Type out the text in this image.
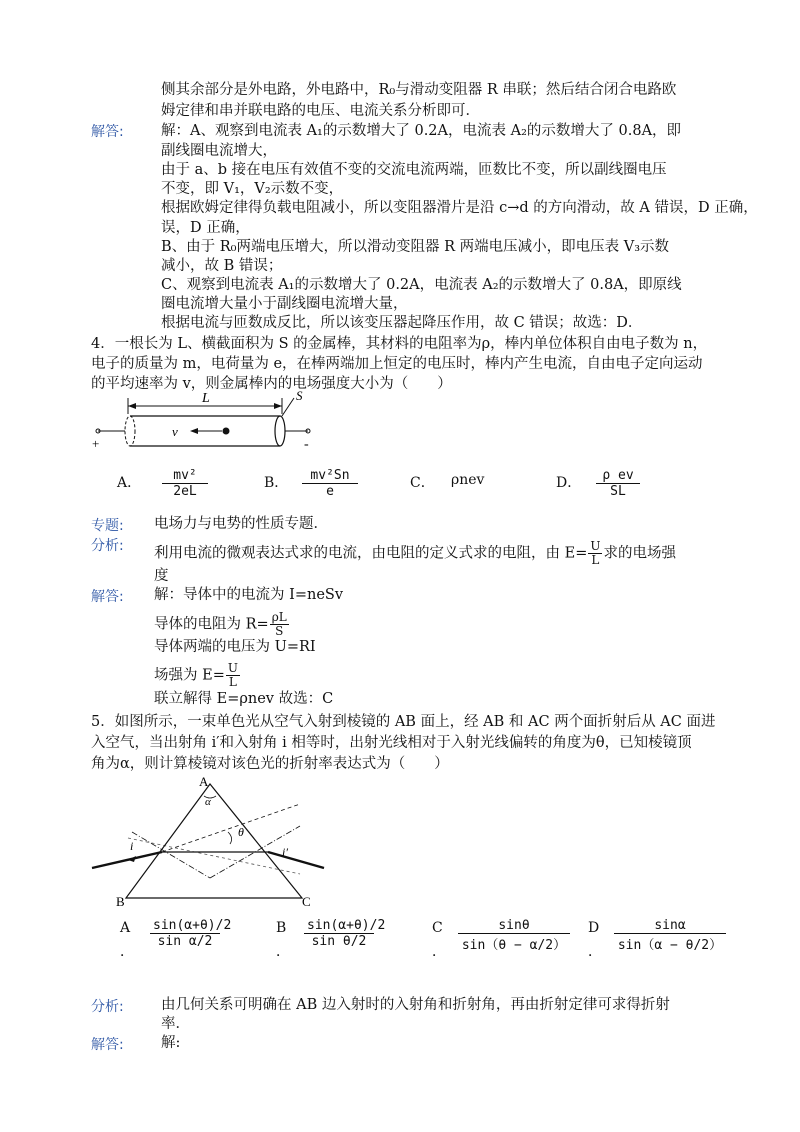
侧其余部分是外电路，外电路中，R₀与滑动变阻器 R 串联；然后结合闭合电路欧
姆定律和串并联电路的电压、电流关系分析即可．
解答:	解：A、观察到电流表 A₁的示数增大了 0.2A，电流表 A₂的示数增大了 0.8A，即
副线圈电流增大，
由于 a、b 接在电压有效值不变的交流电流两端，匝数比不变，所以副线圈电压
不变，即 V₁，V₂示数不变，
根据欧姆定律得负载电阻减小，所以变阻器滑片是沿 c→d 的方向滑动，故 A 错误，D 正确，
误，D 正确，
B、由于 R₀两端电压增大，所以滑动变阻器 R 两端电压减小，即电压表 V₃示数
减小，故 B 错误；
C、观察到电流表 A₁的示数增大了 0.2A，电流表 A₂的示数增大了 0.8A，即原线
圈电流增大量小于副线圈电流增大量，
根据电流与匝数成反比，所以该变压器起降压作用，故 C 错误；故选：D．
4．一根长为 L、横截面积为 S 的金属棒，其材料的电阻率为ρ，棒内单位体积自由电子数为 n，
电子的质量为 m，电荷量为 e，在棒两端加上恒定的电压时，棒内产生电流，自由电子定向运动
的平均速率为 v，则金属棒内的电场强度大小为（　　）
L	S
+	-
v
A．	mv²
2eL
B．	mv²Sn
e
C． ρnev	D．	ρ ev
SL
专题: 电场力与电势的性质专题．
分析: 利用电流的微观表达式求的电流，由电阻的定义式求的电阻，由 $E= \frac{U}{L}$ 求的电场强
度
解答: 解：导体中的电流为 I=neSv
导体的电阻为 $R= \frac{\rho L}{S}$
导体两端的电压为 U=RI
场强为 $E= \frac{U}{L}$
联立解得 E=ρnev 故选：C
5．如图所示，一束单色光从空气入射到棱镜的 AB 面上，经 AB 和 AC 两个面折射后从 AC 面进
入空气，当出射角 i′和入射角 i 相等时，出射光线相对于入射光线偏转的角度为θ，已知棱镜顶
角为α，则计算棱镜对该色光的折射率表达式为（　　）
A
B	C
α
i	i′
θ
A
．
sin(α+θ)/2
sin α/2
B
．
sin(α+θ)/2
sin θ/2
C
．
sinθ
sin（θ − α/2）
D
．
sinα
sin（α − θ/2）
分析:	由几何关系可明确在 AB 边入射时的入射角和折射角，再由折射定律可求得折射
率．
解答:	解:
